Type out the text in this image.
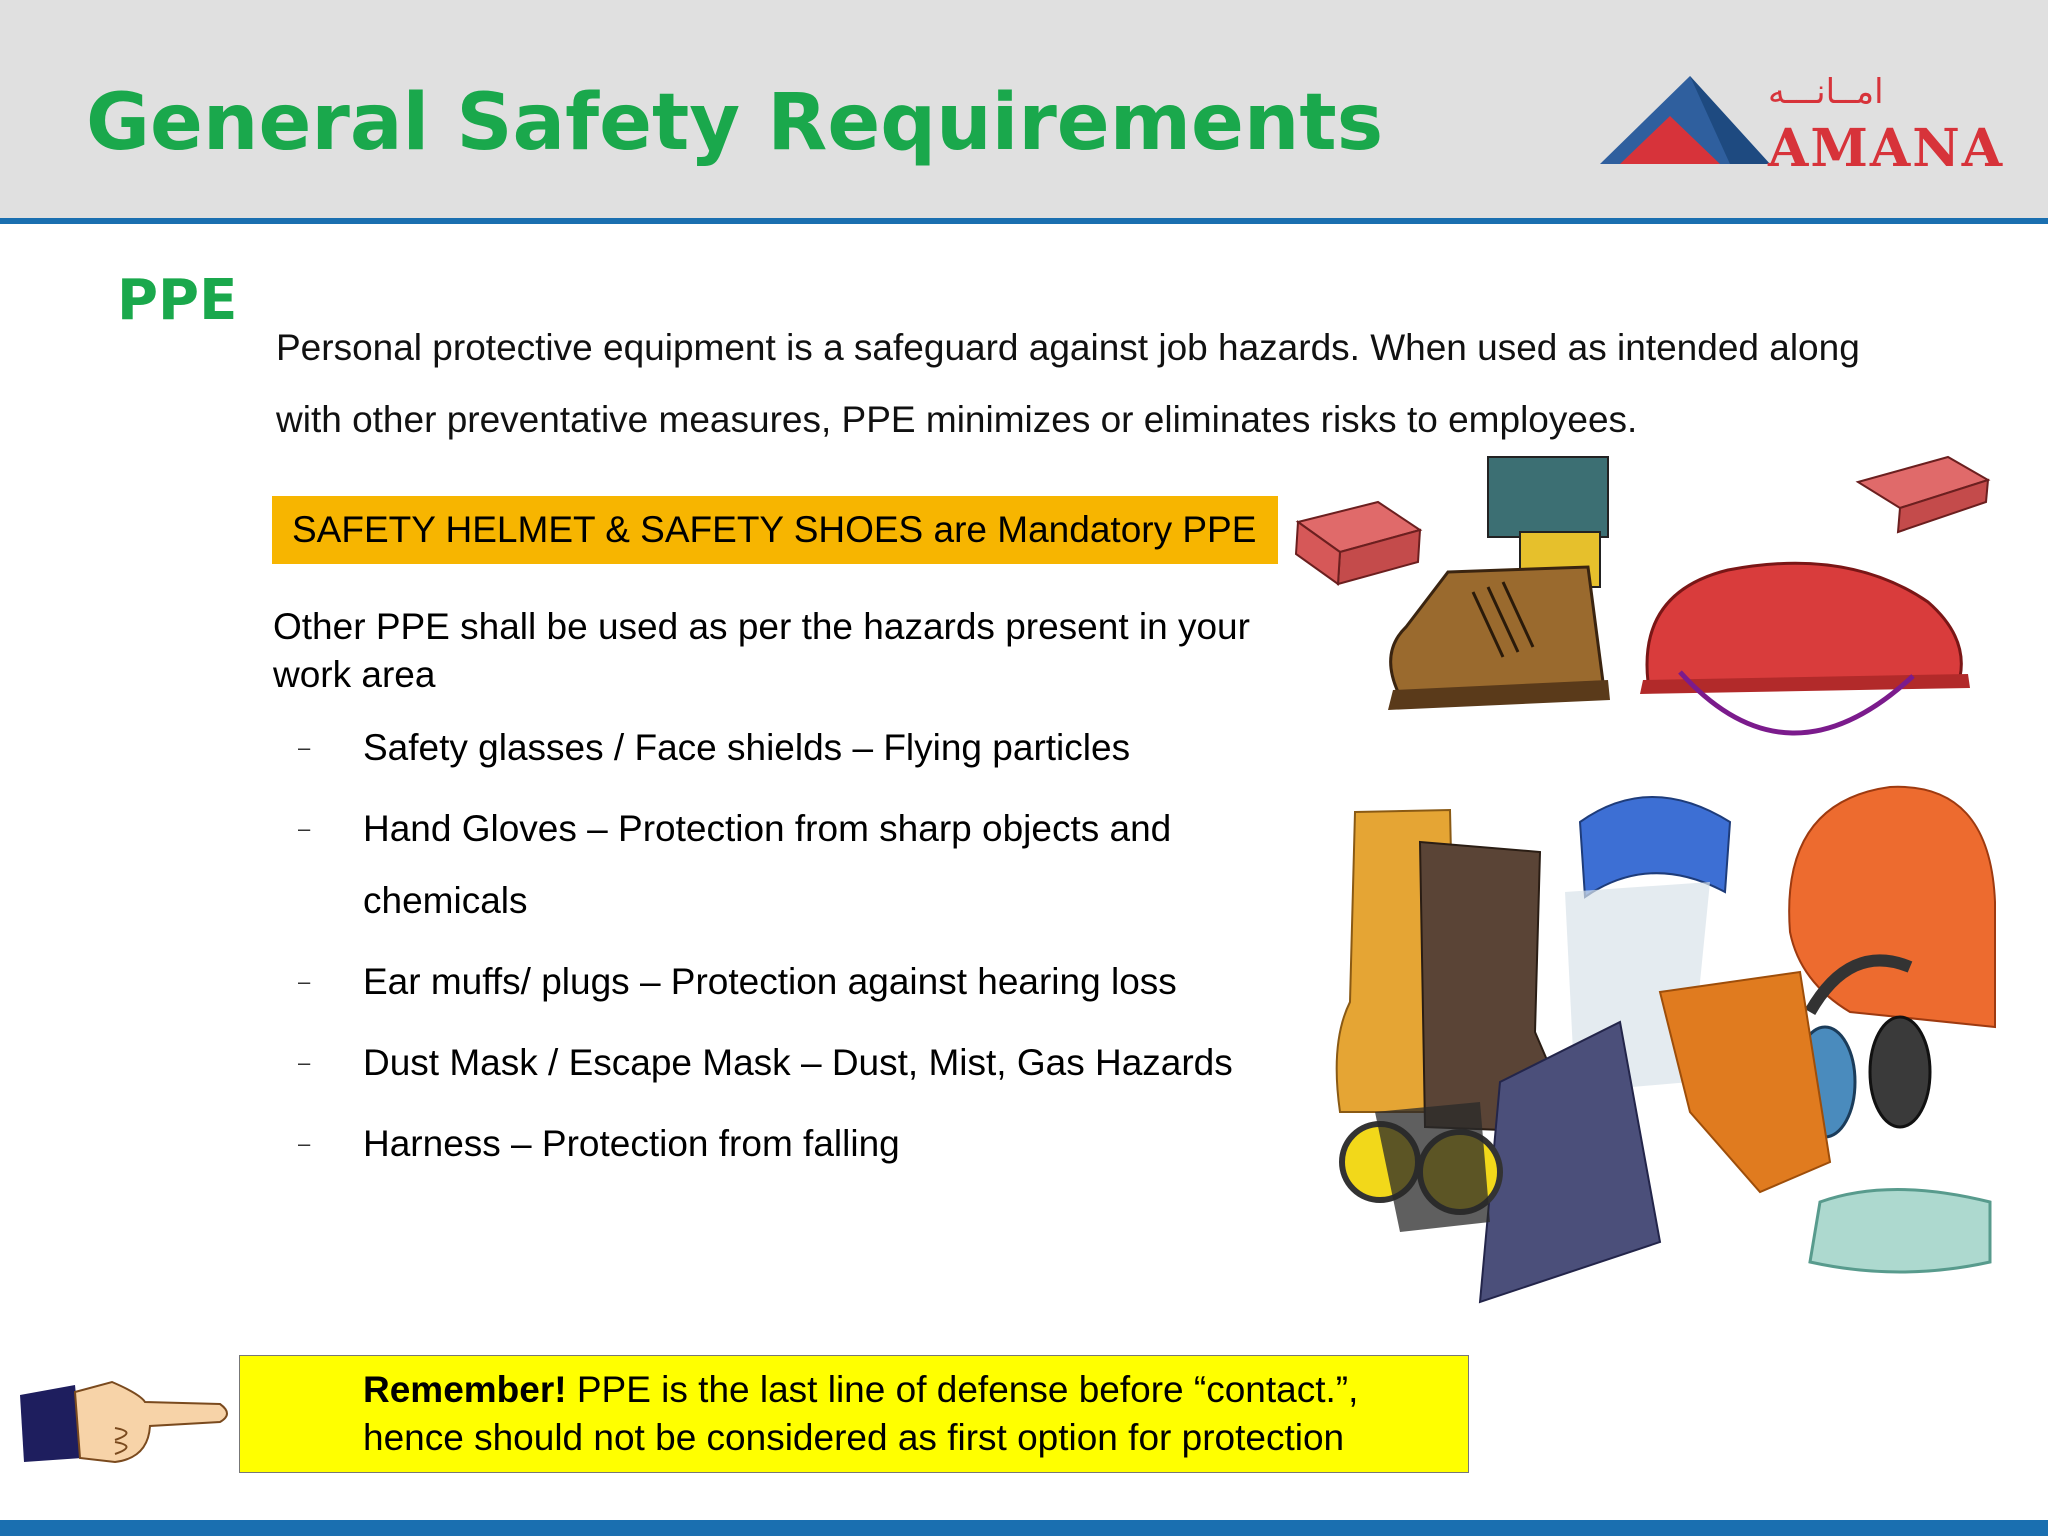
General Safety Requirements	امــانـــه
AMANA
PPE
Personal protective equipment is a safeguard against job hazards. When used as intended along with other preventative measures, PPE minimizes or eliminates risks to employees.
SAFETY HELMET & SAFETY SHOES are Mandatory PPE
Other PPE shall be used as per the hazards present in your work area
– Safety glasses / Face shields – Flying particles
– Hand Gloves – Protection from sharp objects and chemicals
– Ear muffs/ plugs – Protection against hearing loss
– Dust Mask / Escape Mask – Dust, Mist, Gas Hazards
– Harness – Protection from falling
Remember! PPE is the last line of defense before “contact.”, hence should not be considered as first option for protection
